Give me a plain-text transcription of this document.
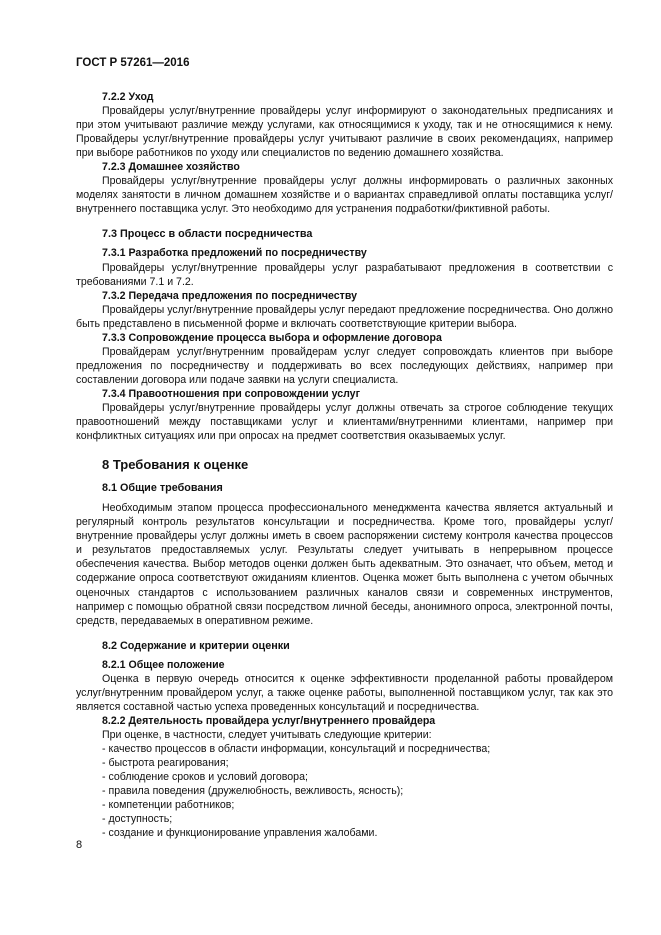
ГОСТ Р 57261—2016
7.2.2 Уход

Провайдеры услуг/внутренние провайдеры услуг информируют о законодательных предписаниях и при этом учитывают различие между услугами, как относящимися к уходу, так и не относящимися к нему. Провайдеры услуг/внутренние провайдеры услуг учитывают различие в своих рекомендациях, например при выборе работников по уходу или специалистов по ведению домашнего хозяйства.

7.2.3 Домашнее хозяйство

Провайдеры услуг/внутренние провайдеры услуг должны информировать о различных законных моделях занятости в личном домашнем хозяйстве и о вариантах справедливой оплаты поставщика услуг/внутреннего поставщика услуг. Это необходимо для устранения подработки/фиктивной работы.

7.3 Процесс в области посредничества
7.3.1 Разработка предложений по посредничеству

Провайдеры услуг/внутренние провайдеры услуг разрабатывают предложения в соответствии с требованиями 7.1 и 7.2.

7.3.2 Передача предложения по посредничеству

Провайдеры услуг/внутренние провайдеры услуг передают предложение посредничества. Оно должно быть представлено в письменной форме и включать соответствующие критерии выбора.

7.3.3 Сопровождение процесса выбора и оформление договора

Провайдерам услуг/внутренним провайдерам услуг следует сопровождать клиентов при выборе предложения по посредничеству и поддерживать во всех последующих действиях, например при составлении договора или подаче заявки на услуги специалиста.

7.3.4 Правоотношения при сопровождении услуг

Провайдеры услуг/внутренние провайдеры услуг должны отвечать за строгое соблюдение текущих правоотношений между поставщиками услуг и клиентами/внутренними клиентами, например при конфликтных ситуациях или при опросах на предмет соответствия оказываемых услуг.

8 Требования к оценке
8.1 Общие требования

Необходимым этапом процесса профессионального менеджмента качества является актуальный и регулярный контроль результатов консультации и посредничества. Кроме того, провайдеры услуг/внутренние провайдеры услуг должны иметь в своем распоряжении систему контроля качества процессов и результатов предоставляемых услуг. Результаты следует учитывать в непрерывном процессе обеспечения качества. Выбор методов оценки должен быть адекватным. Это означает, что объем, метод и содержание опроса соответствуют ожиданиям клиентов. Оценка может быть выполнена с учетом обычных оценочных стандартов с использованием различных каналов связи и современных инструментов, например с помощью обратной связи посредством личной беседы, анонимного опроса, электронной почты, средств, передаваемых в оперативном режиме.

8.2 Содержание и критерии оценки
8.2.1 Общее положение

Оценка в первую очередь относится к оценке эффективности проделанной работы провайдером услуг/внутренним провайдером услуг, а также оценке работы, выполненной поставщиком услуг, так как это является составной частью успеха проведенных консультаций и посредничества.

8.2.2 Деятельность провайдера услуг/внутреннего провайдера

При оценке, в частности, следует учитывать следующие критерии:

- качество процессов в области информации, консультаций и посредничества;
- быстрота реагирования;
- соблюдение сроков и условий договора;
- правила поведения (дружелюбность, вежливость, ясность);
- компетенции работников;
- доступность;
- создание и функционирование управления жалобами.
8
